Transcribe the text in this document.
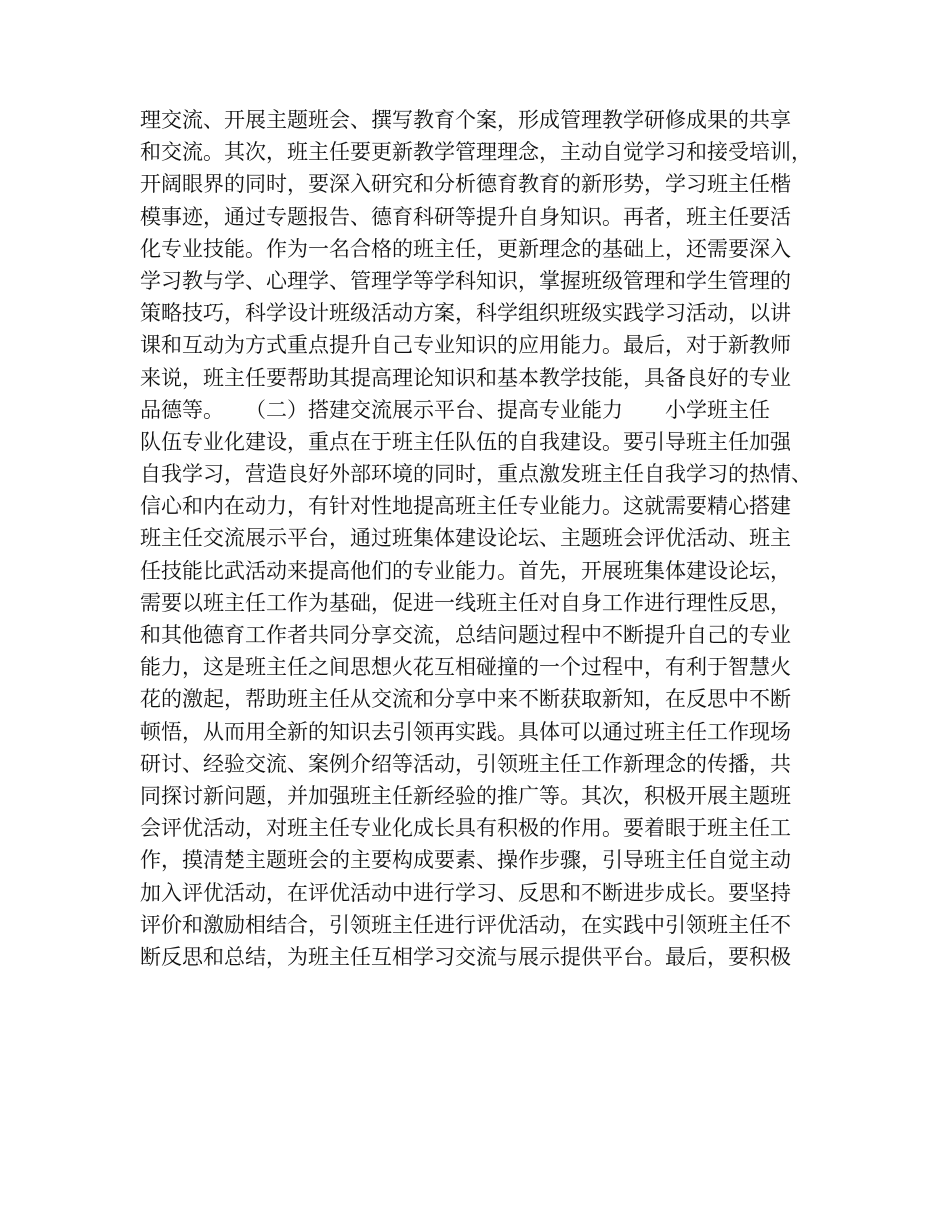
理交流、开展主题班会、撰写教育个案，形成管理教学研修成果的共享
和交流。其次，班主任要更新教学管理理念，主动自觉学习和接受培训，
开阔眼界的同时，要深入研究和分析德育教育的新形势，学习班主任楷
模事迹，通过专题报告、德育科研等提升自身知识。再者，班主任要活
化专业技能。作为一名合格的班主任，更新理念的基础上，还需要深入
学习教与学、心理学、管理学等学科知识，掌握班级管理和学生管理的
策略技巧，科学设计班级活动方案，科学组织班级实践学习活动，以讲
课和互动为方式重点提升自己专业知识的应用能力。最后，对于新教师
来说，班主任要帮助其提高理论知识和基本教学技能，具备良好的专业
品德等。　　（二）搭建交流展示平台、提高专业能力　　小学班主任
队伍专业化建设，重点在于班主任队伍的自我建设。要引导班主任加强
自我学习，营造良好外部环境的同时，重点激发班主任自我学习的热情、
信心和内在动力，有针对性地提高班主任专业能力。这就需要精心搭建
班主任交流展示平台，通过班集体建设论坛、主题班会评优活动、班主
任技能比武活动来提高他们的专业能力。首先，开展班集体建设论坛，
需要以班主任工作为基础，促进一线班主任对自身工作进行理性反思，
和其他德育工作者共同分享交流，总结问题过程中不断提升自己的专业
能力，这是班主任之间思想火花互相碰撞的一个过程中，有利于智慧火
花的激起，帮助班主任从交流和分享中来不断获取新知，在反思中不断
顿悟，从而用全新的知识去引领再实践。具体可以通过班主任工作现场
研讨、经验交流、案例介绍等活动，引领班主任工作新理念的传播，共
同探讨新问题，并加强班主任新经验的推广等。其次，积极开展主题班
会评优活动，对班主任专业化成长具有积极的作用。要着眼于班主任工
作，摸清楚主题班会的主要构成要素、操作步骤，引导班主任自觉主动
加入评优活动，在评优活动中进行学习、反思和不断进步成长。要坚持
评价和激励相结合，引领班主任进行评优活动，在实践中引领班主任不
断反思和总结，为班主任互相学习交流与展示提供平台。最后，要积极
